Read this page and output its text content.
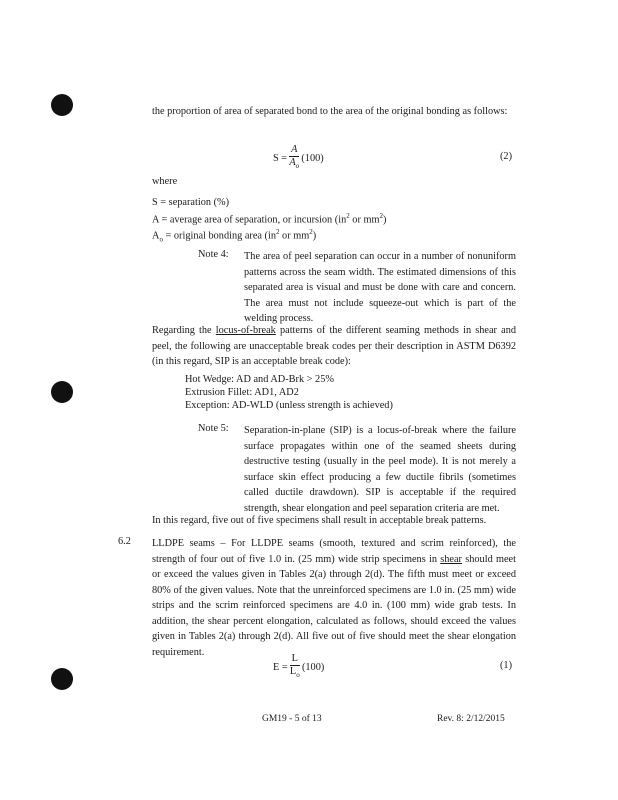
the proportion of area of separated bond to the area of the original bonding as follows:
$S = \frac{A}{A_o} (100)$	(2)
where
S = separation (%)
A = average area of separation, or incursion ($in^2$ or $mm^2$)
$A_o$ = original bonding area ($in^2$ or $mm^2$)
Note 4: The area of peel separation can occur in a number of nonuniform patterns across the seam width. The estimated dimensions of this separated area is visual and must be done with care and concern. The area must not include squeeze-out which is part of the welding process.
Regarding the locus-of-break patterns of the different seaming methods in shear and peel, the following are unacceptable break codes per their description in ASTM D6392 (in this regard, SIP is an acceptable break code):
Hot Wedge: AD and AD-Brk > 25%
Extrusion Fillet: AD1, AD2
Exception: AD-WLD (unless strength is achieved)
Note 5: Separation-in-plane (SIP) is a locus-of-break where the failure surface propagates within one of the seamed sheets during destructive testing (usually in the peel mode). It is not merely a surface skin effect producing a few ductile fibrils (sometimes called ductile drawdown). SIP is acceptable if the required strength, shear elongation and peel separation criteria are met.
In this regard, five out of five specimens shall result in acceptable break patterns.
6.2 LLDPE seams – For LLDPE seams (smooth, textured and scrim reinforced), the strength of four out of five 1.0 in. (25 mm) wide strip specimens in shear should meet or exceed the values given in Tables 2(a) through 2(d). The fifth must meet or exceed 80% of the given values. Note that the unreinforced specimens are 1.0 in. (25 mm) wide strips and the scrim reinforced specimens are 4.0 in. (100 mm) wide grab tests. In addition, the shear percent elongation, calculated as follows, should exceed the values given in Tables 2(a) through 2(d). All five out of five should meet the shear elongation requirement.
$E = \frac{L}{L_o} (100)$	(1)
GM19 - 5 of 13	Rev. 8: 2/12/2015
